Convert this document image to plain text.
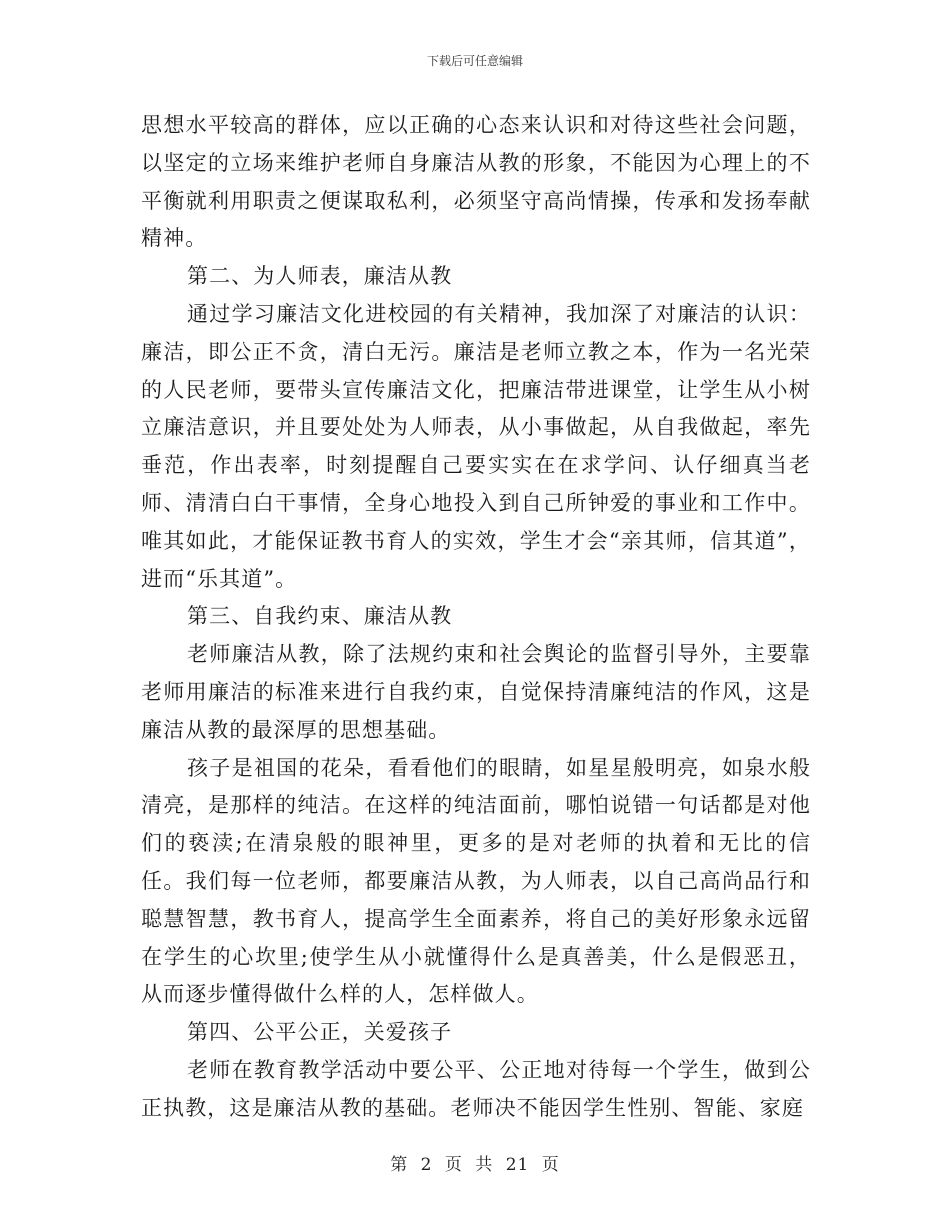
下载后可任意编辑

思想水平较高的群体，应以正确的心态来认识和对待这些社会问题，以坚定的立场来维护老师自身廉洁从教的形象，不能因为心理上的不平衡就利用职责之便谋取私利，必须坚守高尚情操，传承和发扬奉献精神。

第二、为人师表，廉洁从教

通过学习廉洁文化进校园的有关精神，我加深了对廉洁的认识：廉洁，即公正不贪，清白无污。廉洁是老师立教之本，作为一名光荣的人民老师，要带头宣传廉洁文化，把廉洁带进课堂，让学生从小树立廉洁意识，并且要处处为人师表，从小事做起，从自我做起，率先垂范，作出表率，时刻提醒自己要实实在在求学问、认仔细真当老师、清清白白干事情，全身心地投入到自己所钟爱的事业和工作中。唯其如此，才能保证教书育人的实效，学生才会“亲其师，信其道”，进而“乐其道”。

第三、自我约束、廉洁从教

老师廉洁从教，除了法规约束和社会舆论的监督引导外，主要靠老师用廉洁的标准来进行自我约束，自觉保持清廉纯洁的作风，这是廉洁从教的最深厚的思想基础。

孩子是祖国的花朵，看看他们的眼睛，如星星般明亮，如泉水般清亮，是那样的纯洁。在这样的纯洁面前，哪怕说错一句话都是对他们的亵渎;在清泉般的眼神里，更多的是对老师的执着和无比的信任。我们每一位老师，都要廉洁从教，为人师表，以自己高尚品行和聪慧智慧，教书育人，提高学生全面素养，将自己的美好形象永远留在学生的心坎里;使学生从小就懂得什么是真善美，什么是假恶丑，从而逐步懂得做什么样的人，怎样做人。

第四、公平公正，关爱孩子

老师在教育教学活动中要公平、公正地对待每一个学生，做到公正执教，这是廉洁从教的基础。老师决不能因学生性别、智能、家庭

第 2 页 共 21 页
